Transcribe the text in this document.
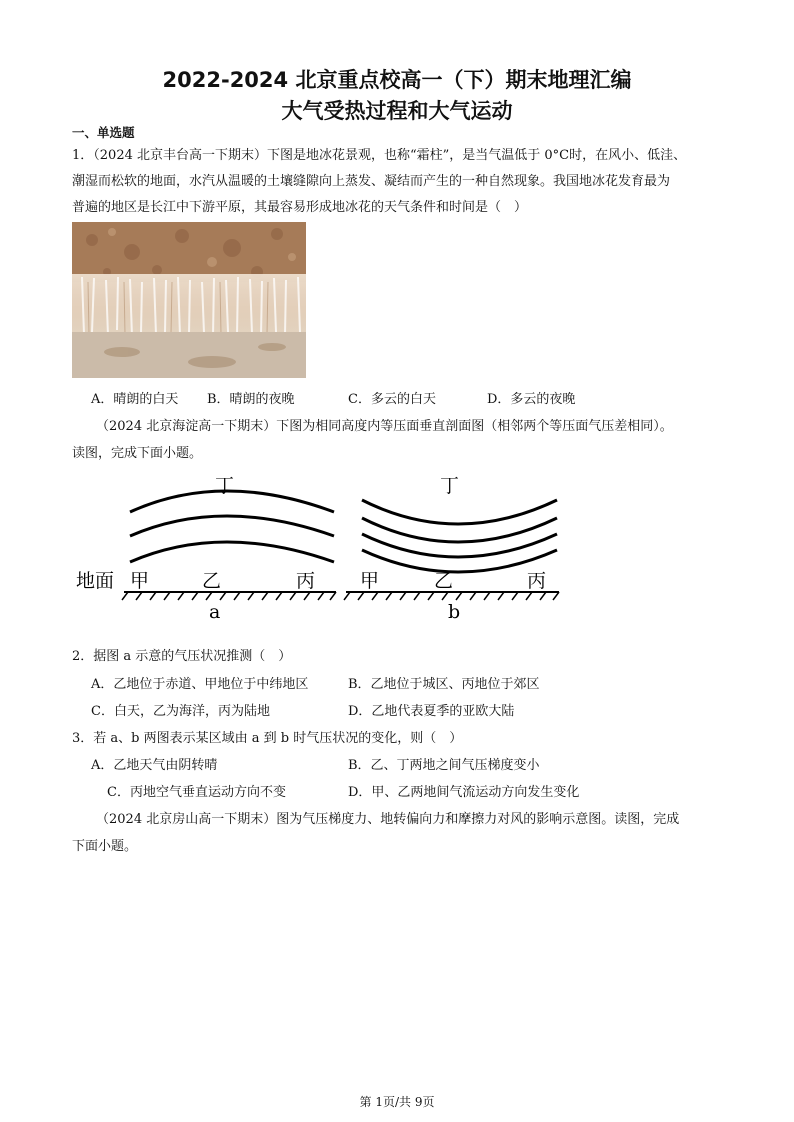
2022-2024 北京重点校高一（下）期末地理汇编
大气受热过程和大气运动
一、单选题
1．（2024 北京丰台高一下期末）下图是地冰花景观，也称“霜柱”，是当气温低于 0°C时，在风小、低洼、
潮湿而松软的地面，水汽从温暖的土壤缝隙向上蒸发、凝结而产生的一种自然现象。我国地冰花发育最为
普遍的地区是长江中下游平原，其最容易形成地冰花的天气条件和时间是（　）
A．晴朗的白天 B．晴朗的夜晚	C．多云的白天	D．多云的夜晚
（2024 北京海淀高一下期末）下图为相同高度内等压面垂直剖面图（相邻两个等压面气压差相同）。
读图，完成下面小题。
丁	丁
地面 甲	乙	丙 甲	乙	丙
a	b
2．据图 a 示意的气压状况推测（　）
A．乙地位于赤道、甲地位于中纬地区	B．乙地位于城区、丙地位于郊区
C．白天，乙为海洋，丙为陆地	D．乙地代表夏季的亚欧大陆
3．若 a、b 两图表示某区域由 a 到 b 时气压状况的变化，则（　）
A．乙地天气由阴转晴	B．乙、丁两地之间气压梯度变小
C．丙地空气垂直运动方向不变	D．甲、乙两地间气流运动方向发生变化
（2024 北京房山高一下期末）图为气压梯度力、地转偏向力和摩擦力对风的影响示意图。读图，完成
下面小题。
第 1页/共 9页
